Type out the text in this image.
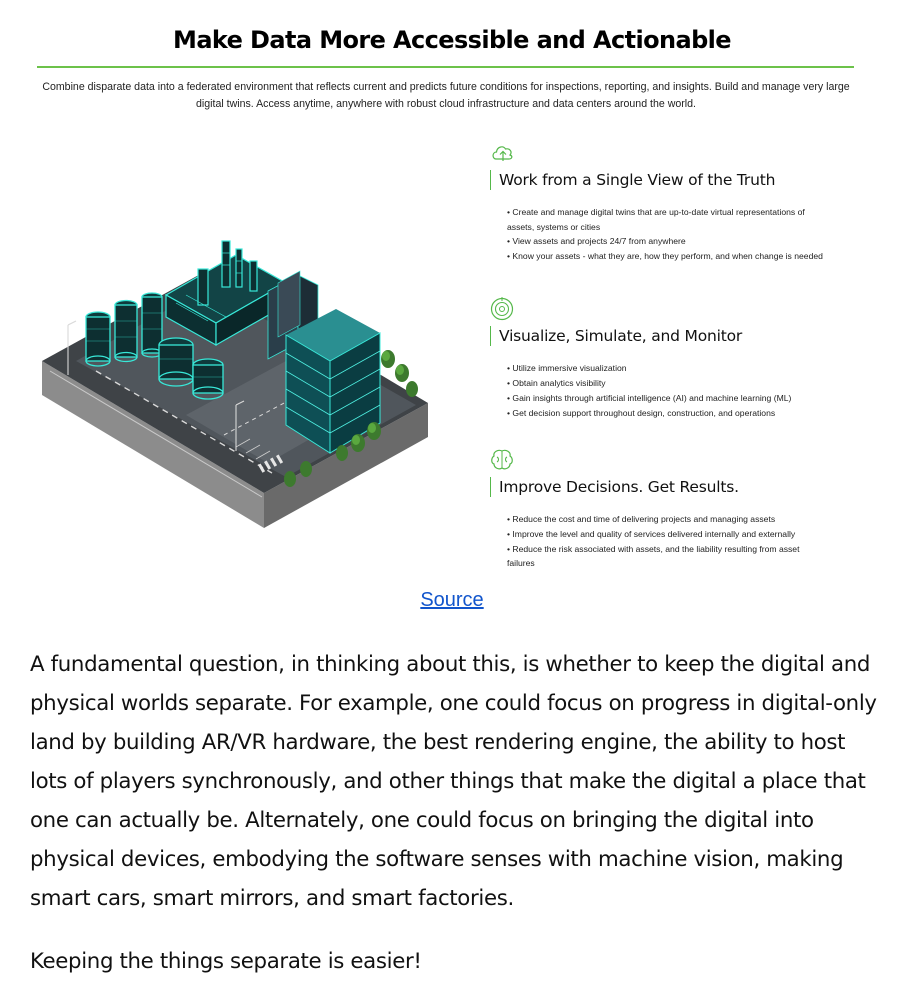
Make Data More Accessible and Actionable

Combine disparate data into a federated environment that reflects current and predicts future conditions for inspections, reporting, and insights. Build and manage very large digital twins. Access anytime, anywhere with robust cloud infrastructure and data centers around the world.

Work from a Single View of the Truth
• Create and manage digital twins that are up-to-date virtual representations of assets, systems or cities
• View assets and projects 24/7 from anywhere
• Know your assets - what they are, how they perform, and when change is needed
Visualize, Simulate, and Monitor
• Utilize immersive visualization
• Obtain analytics visibility
• Gain insights through artificial intelligence (AI) and machine learning (ML)
• Get decision support throughout design, construction, and operations
Improve Decisions. Get Results.
• Reduce the cost and time of delivering projects and managing assets
• Improve the level and quality of services delivered internally and externally
• Reduce the risk associated with assets, and the liability resulting from asset failures
Source

A fundamental question, in thinking about this, is whether to keep the digital and physical worlds separate. For example, one could focus on progress in digital-only land by building AR/VR hardware, the best rendering engine, the ability to host lots of players synchronously, and other things that make the digital a place that one can actually be. Alternately, one could focus on bringing the digital into physical devices, embodying the software senses with machine vision, making smart cars, smart mirrors, and smart factories.

Keeping the things separate is easier!
